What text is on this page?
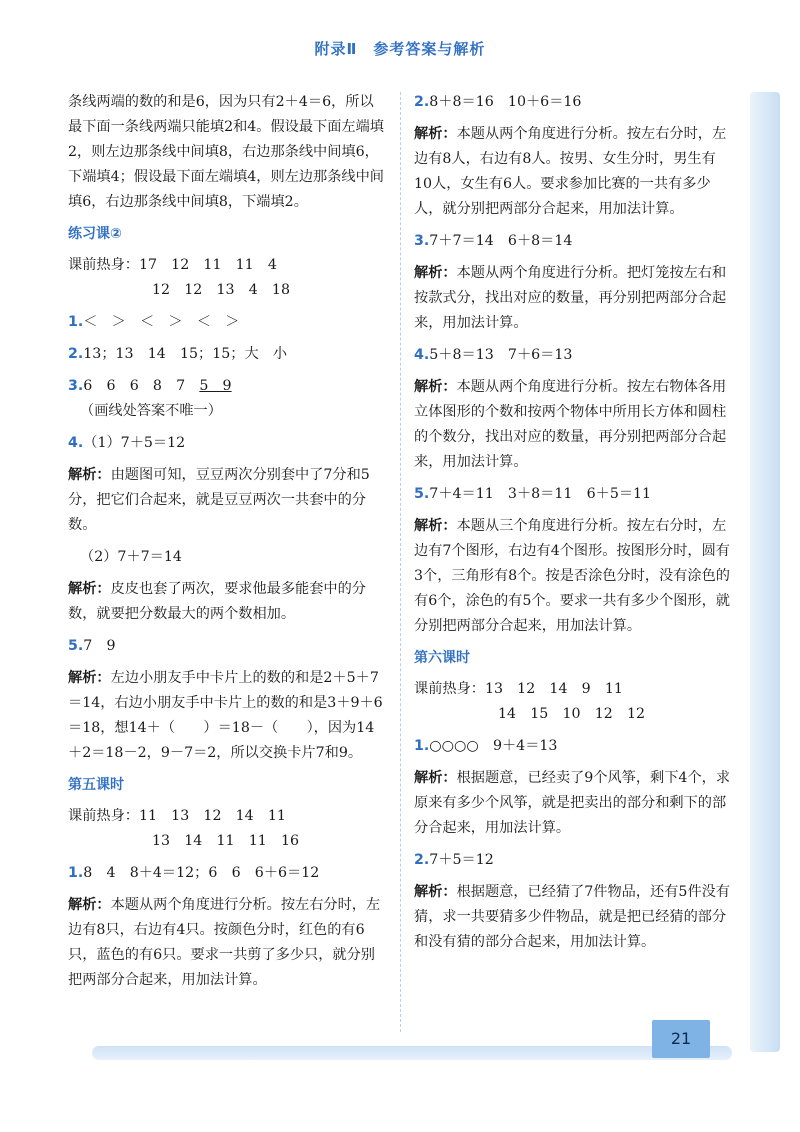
附录Ⅱ　参考答案与解析

条线两端的数的和是6，因为只有2＋4＝6，所以最下面一条线两端只能填2和4。假设最下面左端填2，则左边那条线中间填8，右边那条线中间填6，下端填4；假设最下面左端填4，则左边那条线中间填6，右边那条线中间填8，下端填2。

练习课②
课前热身：17　12　11　11　4
12　12　13　4　18
1.＜　＞　＜　＞　＜　＞
2.13；13　14　15；15；大　小
3.6　6　6　8　7　5　9
（画线处答案不唯一）
4.（1）7＋5＝12

解析：由题图可知，豆豆两次分别套中了7分和5分，把它们合起来，就是豆豆两次一共套中的分数。

（2）7＋7＝14

解析：皮皮也套了两次，要求他最多能套中的分数，就要把分数最大的两个数相加。

5.7　9

解析：左边小朋友手中卡片上的数的和是2＋5＋7＝14，右边小朋友手中卡片上的数的和是3＋9＋6＝18，想14＋（　　）＝18－（　　），因为14＋2＝18－2，9－7＝2，所以交换卡片7和9。

第五课时
课前热身：11　13　12　14　11
13　14　11　11　16
1.8　4　8＋4＝12；6　6　6＋6＝12

解析：本题从两个角度进行分析。按左右分时，左边有8只，右边有4只。按颜色分时，红色的有6只，蓝色的有6只。要求一共剪了多少只，就分别把两部分合起来，用加法计算。

2.8＋8＝16　10＋6＝16

解析：本题从两个角度进行分析。按左右分时，左边有8人，右边有8人。按男、女生分时，男生有10人，女生有6人。要求参加比赛的一共有多少人，就分别把两部分合起来，用加法计算。

3.7＋7＝14　6＋8＝14

解析：本题从两个角度进行分析。把灯笼按左右和按款式分，找出对应的数量，再分别把两部分合起来，用加法计算。

4.5＋8＝13　7＋6＝13

解析：本题从两个角度进行分析。按左右物体各用立体图形的个数和按两个物体中所用长方体和圆柱的个数分，找出对应的数量，再分别把两部分合起来，用加法计算。

5.7＋4＝11　3＋8＝11　6＋5＝11

解析：本题从三个角度进行分析。按左右分时，左边有7个图形，右边有4个图形。按图形分时，圆有3个，三角形有8个。按是否涂色分时，没有涂色的有6个，涂色的有5个。要求一共有多少个图形，就分别把两部分合起来，用加法计算。

第六课时
课前热身：13　12　14　9　11
14　15　10　12　12
1.○○○○　9＋4＝13

解析：根据题意，已经卖了9个风筝，剩下4个，求原来有多少个风筝，就是把卖出的部分和剩下的部分合起来，用加法计算。

2.7＋5＝12

解析：根据题意，已经猜了7件物品，还有5件没有猜，求一共要猜多少件物品，就是把已经猜的部分和没有猜的部分合起来，用加法计算。

21
